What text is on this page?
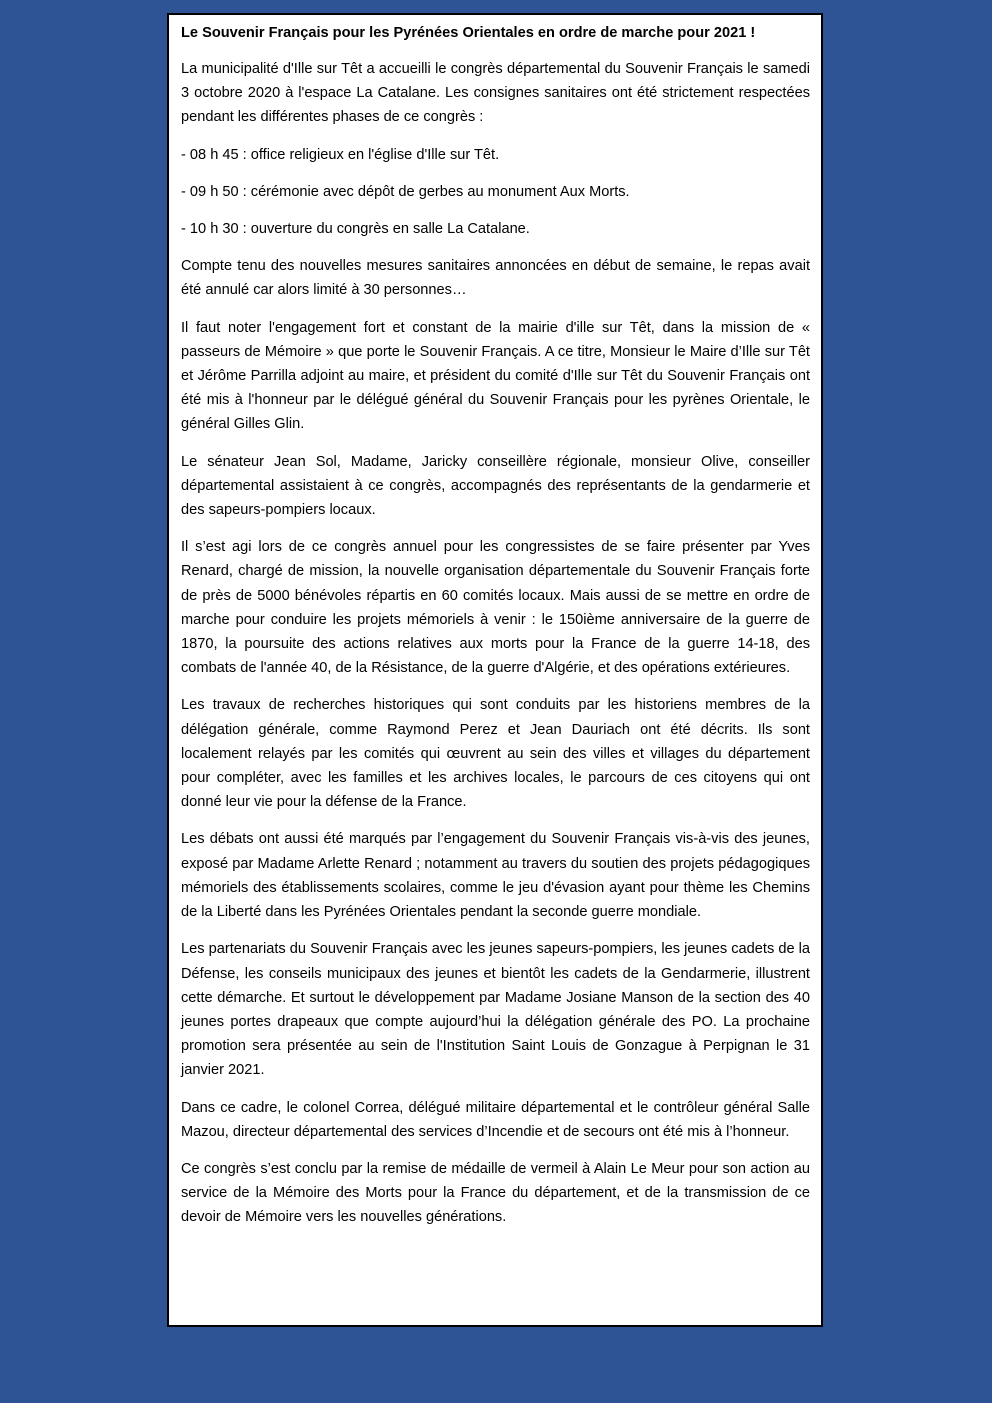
Le Souvenir Français pour les Pyrénées Orientales en ordre de marche pour 2021 !
La municipalité d'Ille sur Têt a accueilli le congrès départemental du Souvenir Français le samedi 3 octobre 2020 à l'espace La Catalane. Les consignes sanitaires ont été strictement respectées pendant les différentes phases de ce congrès :
- 08 h 45 : office religieux en l'église d'Ille sur Têt.
- 09 h 50 : cérémonie avec dépôt de gerbes au monument Aux Morts.
- 10 h 30 : ouverture du congrès en salle La Catalane.
Compte tenu des nouvelles mesures sanitaires annoncées en début de semaine, le repas avait été annulé car alors limité à 30 personnes…
Il faut noter l'engagement fort et constant de la mairie d'ille sur Têt, dans la mission de « passeurs de Mémoire » que porte le Souvenir Français. A ce titre, Monsieur le Maire d’Ille sur Têt et Jérôme Parrilla adjoint au maire, et président du comité d'Ille sur Têt du Souvenir Français ont été mis à l'honneur par le délégué général du Souvenir Français pour les pyrènes Orientale, le général Gilles Glin.
Le sénateur Jean Sol, Madame, Jaricky conseillère régionale, monsieur Olive, conseiller départemental assistaient à ce congrès, accompagnés des représentants de la gendarmerie et des sapeurs-pompiers locaux.
Il s’est agi lors de ce congrès annuel pour les congressistes de se faire présenter par Yves Renard, chargé de mission, la nouvelle organisation départementale du Souvenir Français forte de près de 5000 bénévoles répartis en 60 comités locaux. Mais aussi de se mettre en ordre de marche pour conduire les projets mémoriels à venir : le 150ième anniversaire de la guerre de 1870, la poursuite des actions relatives aux morts pour la France de la guerre 14-18, des combats de l'année 40, de la Résistance, de la guerre d'Algérie, et des opérations extérieures.
Les travaux de recherches historiques qui sont conduits par les historiens membres de la délégation générale, comme Raymond Perez et Jean Dauriach ont été décrits. Ils sont localement relayés par les comités qui œuvrent au sein des villes et villages du département pour compléter, avec les familles et les archives locales, le parcours de ces citoyens qui ont donné leur vie pour la défense de la France.
Les débats ont aussi été marqués par l’engagement du Souvenir Français vis-à-vis des jeunes, exposé par Madame Arlette Renard ; notamment au travers du soutien des projets pédagogiques mémoriels des établissements scolaires, comme le jeu d'évasion ayant pour thème les Chemins de la Liberté dans les Pyrénées Orientales pendant la seconde guerre mondiale.
Les partenariats du Souvenir Français avec les jeunes sapeurs-pompiers, les jeunes cadets de la Défense, les conseils municipaux des jeunes et bientôt les cadets de la Gendarmerie, illustrent cette démarche. Et surtout le développement par Madame Josiane Manson de la section des 40 jeunes portes drapeaux que compte aujourd’hui la délégation générale des PO. La prochaine promotion sera présentée au sein de l'Institution Saint Louis de Gonzague à Perpignan le 31 janvier 2021.
Dans ce cadre, le colonel Correa, délégué militaire départemental et le contrôleur général Salle Mazou, directeur départemental des services d’Incendie et de secours ont été mis à l’honneur.
Ce congrès s’est conclu par la remise de médaille de vermeil à Alain Le Meur pour son action au service de la Mémoire des Morts pour la France du département, et de la transmission de ce devoir de Mémoire vers les nouvelles générations.
